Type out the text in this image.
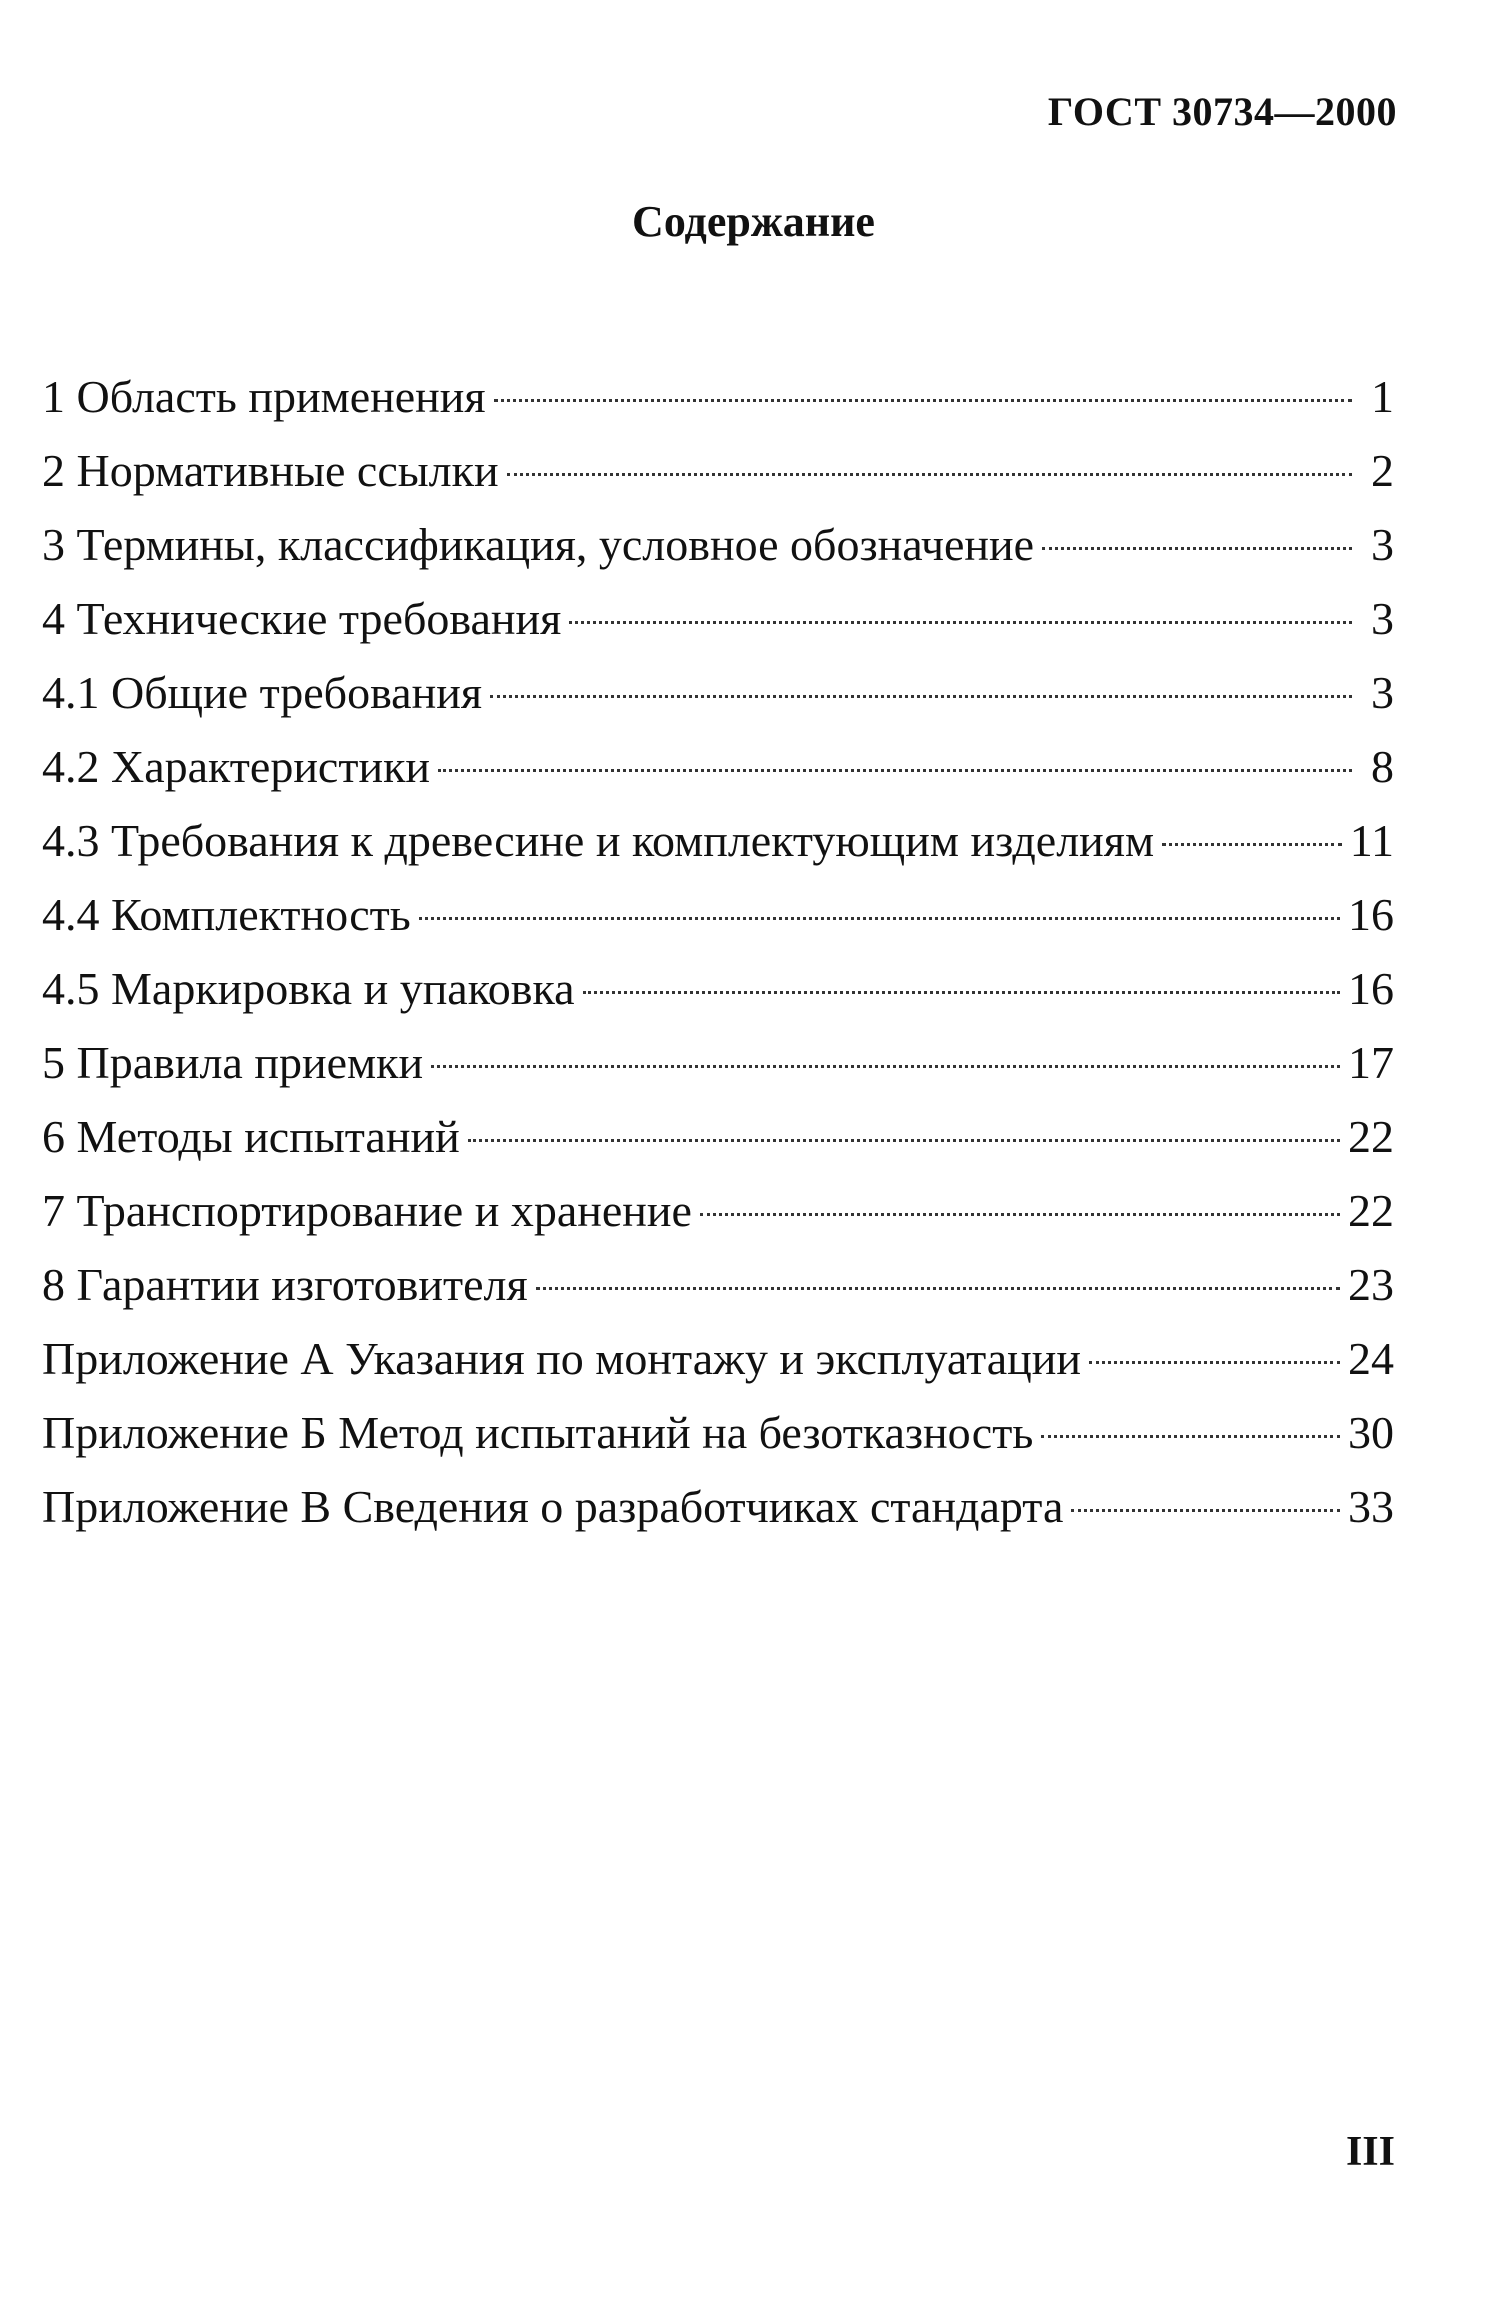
ГОСТ 30734—2000
Содержание
1 Область применения	1
2 Нормативные ссылки	2
3 Термины, классификация, условное обозначение	3
4 Технические требования	3
4.1 Общие требования	3
4.2 Характеристики	8
4.3 Требования к древесине и комплектующим изделиям	11
4.4 Комплектность	16
4.5 Маркировка и упаковка	16
5 Правила приемки	17
6 Методы испытаний	22
7 Транспортирование и хранение	22
8 Гарантии изготовителя	23
Приложение А Указания по монтажу и эксплуатации	24
Приложение Б Метод испытаний на безотказность	30
Приложение В Сведения о разработчиках стандарта	33
III
